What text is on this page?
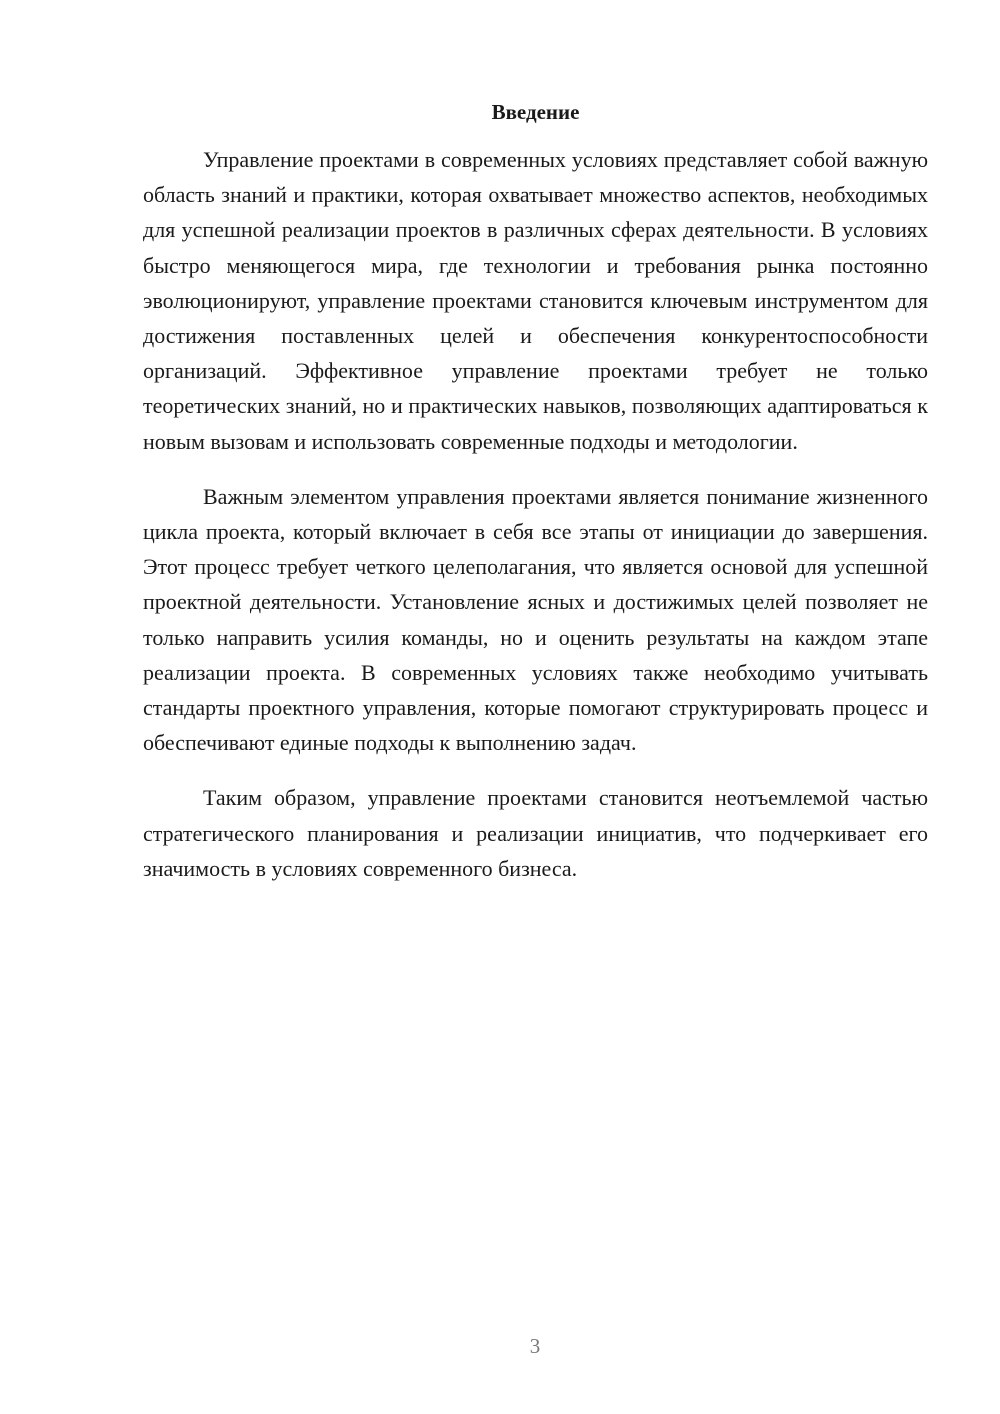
Введение

Управление проектами в современных условиях представляет собой важную область знаний и практики, которая охватывает множество аспектов, необходимых для успешной реализации проектов в различных сферах деятельности. В условиях быстро меняющегося мира, где технологии и требования рынка постоянно эволюционируют, управление проектами становится ключевым инструментом для достижения поставленных целей и обеспечения конкурентоспособности организаций. Эффективное управление проектами требует не только теоретических знаний, но и практических навыков, позволяющих адаптироваться к новым вызовам и использовать современные подходы и методологии.

Важным элементом управления проектами является понимание жизненного цикла проекта, который включает в себя все этапы от инициации до завершения. Этот процесс требует четкого целеполагания, что является основой для успешной проектной деятельности. Установление ясных и достижимых целей позволяет не только направить усилия команды, но и оценить результаты на каждом этапе реализации проекта. В современных условиях также необходимо учитывать стандарты проектного управления, которые помогают структурировать процесс и обеспечивают единые подходы к выполнению задач.

Таким образом, управление проектами становится неотъемлемой частью стратегического планирования и реализации инициатив, что подчеркивает его значимость в условиях современного бизнеса.

3
